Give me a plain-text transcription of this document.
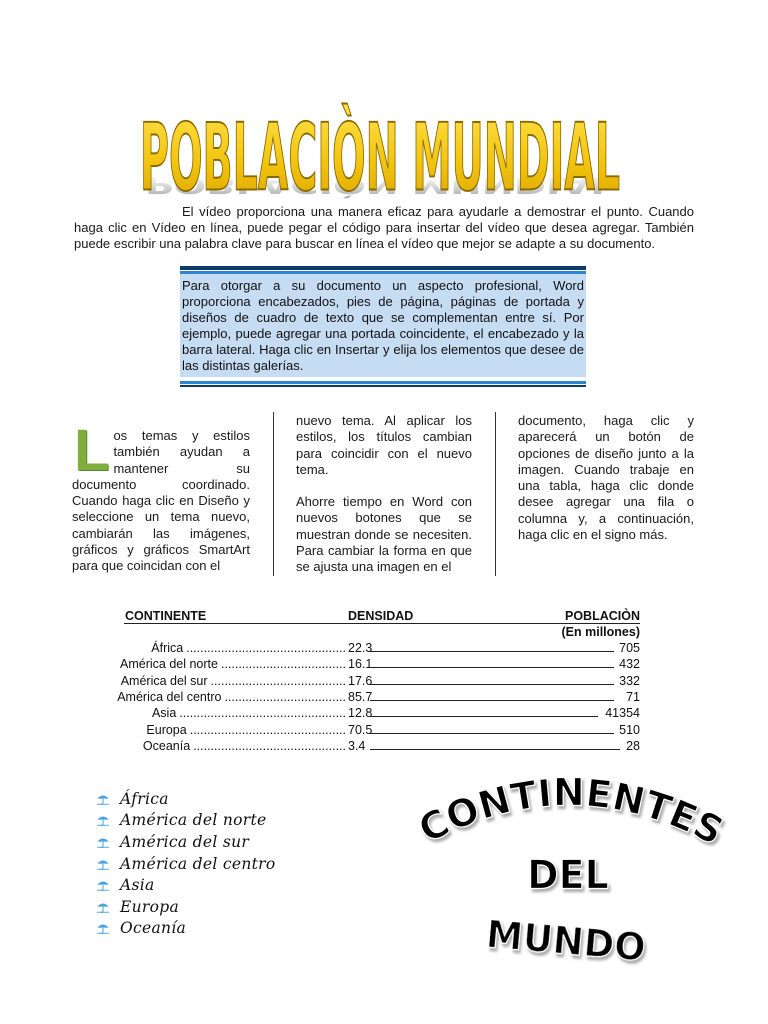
POBLACIÒN MUNDIAL
POBLACIÒN MUNDIAL
El vídeo proporciona una manera eficaz para ayudarle a demostrar el punto. Cuando haga clic en Vídeo en línea, puede pegar el código para insertar del vídeo que desea agregar. También puede escribir una palabra clave para buscar en línea el vídeo que mejor se adapte a su documento.
Para otorgar a su documento un aspecto profesional, Word proporciona encabezados, pies de página, páginas de portada y diseños de cuadro de texto que se complementan entre sí. Por ejemplo, puede agregar una portada coincidente, el encabezado y la barra lateral. Haga clic en Insertar y elija los elementos que desee de las distintas galerías.
L os temas y estilos también ayudan a mantener su documento coordinado. Cuando haga clic en Diseño y seleccione un tema nuevo, cambiarán las imágenes, gráficos y gráficos SmartArt para que coincidan con el

nuevo tema. Al aplicar los estilos, los títulos cambian para coincidir con el nuevo tema.

Ahorre tiempo en Word con nuevos botones que se muestran donde se necesiten. Para cambiar la forma en que se ajusta una imagen en el

documento, haga clic y aparecerá un botón de opciones de diseño junto a la imagen. Cuando trabaje en una tabla, haga clic donde desee agregar una fila o columna y, a continuación, haga clic en el signo más.

CONTINENTE	DENSIDAD	POBLACIÒN
(En millones)
África .............................................. 22.3	705
América del norte .................................... 16.1	432
América del sur ....................................... 17.6	332
América del centro ................................... 85.7	71
Asia ................................................ 12.8	41354
Europa ............................................. 70.5	510
Oceanía ............................................ 3.4	28
África
América del norte
América del sur
América del centro
Asia
Europa
Oceanía
CONTINENTES
DEL
MUNDO
